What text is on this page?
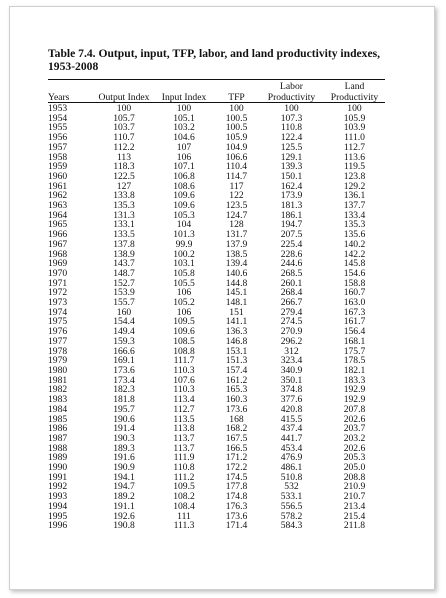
Table 7.4. Output, input, TFP, labor, and land productivity indexes, 1953-2008
				Labor	Land
Years	Output Index	Input Index	TFP	Productivity	Productivity
1953	100	100	100	100	100
1954	105.7	105.1	100.5	107.3	105.9
1955	103.7	103.2	100.5	110.8	103.9
1956	110.7	104.6	105.9	122.4	111.0
1957	112.2	107	104.9	125.5	112.7
1958	113	106	106.6	129.1	113.6
1959	118.3	107.1	110.4	139.3	119.5
1960	122.5	106.8	114.7	150.1	123.8
1961	127	108.6	117	162.4	129.2
1962	133.8	109.6	122	173.9	136.1
1963	135.3	109.6	123.5	181.3	137.7
1964	131.3	105.3	124.7	186.1	133.4
1965	133.1	104	128	194.7	135.3
1966	133.5	101.3	131.7	207.5	135.6
1967	137.8	99.9	137.9	225.4	140.2
1968	138.9	100.2	138.5	228.6	142.2
1969	143.7	103.1	139.4	244.6	145.8
1970	148.7	105.8	140.6	268.5	154.6
1971	152.7	105.5	144.8	260.1	158.8
1972	153.9	106	145.1	268.4	160.7
1973	155.7	105.2	148.1	266.7	163.0
1974	160	106	151	279.4	167.3
1975	154.4	109.5	141.1	274.5	161.7
1976	149.4	109.6	136.3	270.9	156.4
1977	159.3	108.5	146.8	296.2	168.1
1978	166.6	108.8	153.1	312	175.7
1979	169.1	111.7	151.3	323.4	178.5
1980	173.6	110.3	157.4	340.9	182.1
1981	173.4	107.6	161.2	350.1	183.3
1982	182.3	110.3	165.3	374.8	192.9
1983	181.8	113.4	160.3	377.6	192.9
1984	195.7	112.7	173.6	420.8	207.8
1985	190.6	113.5	168	415.5	202.6
1986	191.4	113.8	168.2	437.4	203.7
1987	190.3	113.7	167.5	441.7	203.2
1988	189.3	113.7	166.5	453.4	202.6
1989	191.6	111.9	171.2	476.9	205.3
1990	190.9	110.8	172.2	486.1	205.0
1991	194.1	111.2	174.5	510.8	208.8
1992	194.7	109.5	177.8	532	210.9
1993	189.2	108.2	174.8	533.1	210.7
1994	191.1	108.4	176.3	556.5	213.4
1995	192.6	111	173.6	578.2	215.4
1996	190.8	111.3	171.4	584.3	211.8
